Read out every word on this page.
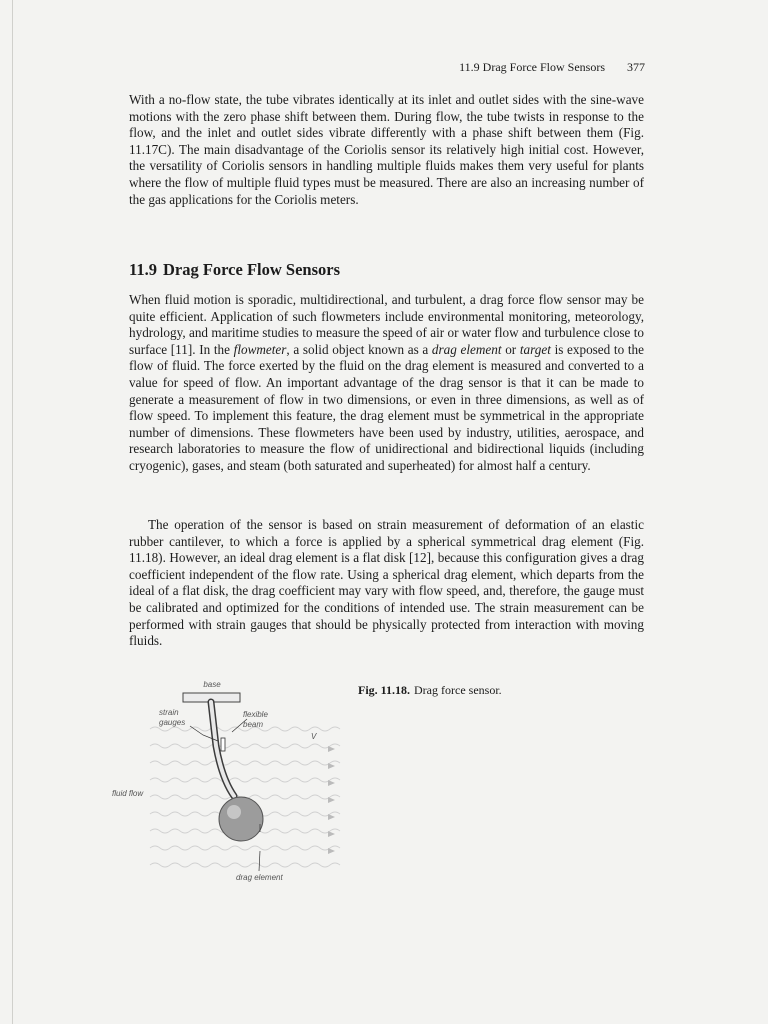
11.9 Drag Force Flow Sensors 377

With a no-flow state, the tube vibrates identically at its inlet and outlet sides with the sine-wave motions with the zero phase shift between them. During flow, the tube twists in response to the flow, and the inlet and outlet sides vibrate differently with a phase shift between them (Fig. 11.17C). The main disadvantage of the Coriolis sensor its relatively high initial cost. However, the versatility of Coriolis sensors in handling multiple fluids makes them very useful for plants where the flow of multiple fluid types must be measured. There are also an increasing number of the gas applications for the Coriolis meters.

11.9 Drag Force Flow Sensors

When fluid motion is sporadic, multidirectional, and turbulent, a drag force flow sensor may be quite efficient. Application of such flowmeters include environmental monitoring, meteorology, hydrology, and maritime studies to measure the speed of air or water flow and turbulence close to surface [11]. In the flowmeter, a solid object known as a drag element or target is exposed to the flow of fluid. The force exerted by the fluid on the drag element is measured and converted to a value for speed of flow. An important advantage of the drag sensor is that it can be made to generate a measurement of flow in two dimensions, or even in three dimensions, as well as of flow speed. To implement this feature, the drag element must be symmetrical in the appropriate number of dimensions. These flowmeters have been used by industry, utilities, aerospace, and research laboratories to measure the flow of unidirectional and bidirectional liquids (including cryogenic), gases, and steam (both saturated and superheated) for almost half a century.

The operation of the sensor is based on strain measurement of deformation of an elastic rubber cantilever, to which a force is applied by a spherical symmetrical drag element (Fig. 11.18). However, an ideal drag element is a flat disk [12], because this configuration gives a drag coefficient independent of the flow rate. Using a spherical drag element, which departs from the ideal of a flat disk, the drag coefficient may vary with flow speed, and, therefore, the gauge must be calibrated and optimized for the conditions of intended use. The strain measurement can be performed with strain gauges that should be physically protected from interaction with moving fluids.

base
strain
gauges
flexible
beam
V
fluid flow
drag element
Fig. 11.18. Drag force sensor.
